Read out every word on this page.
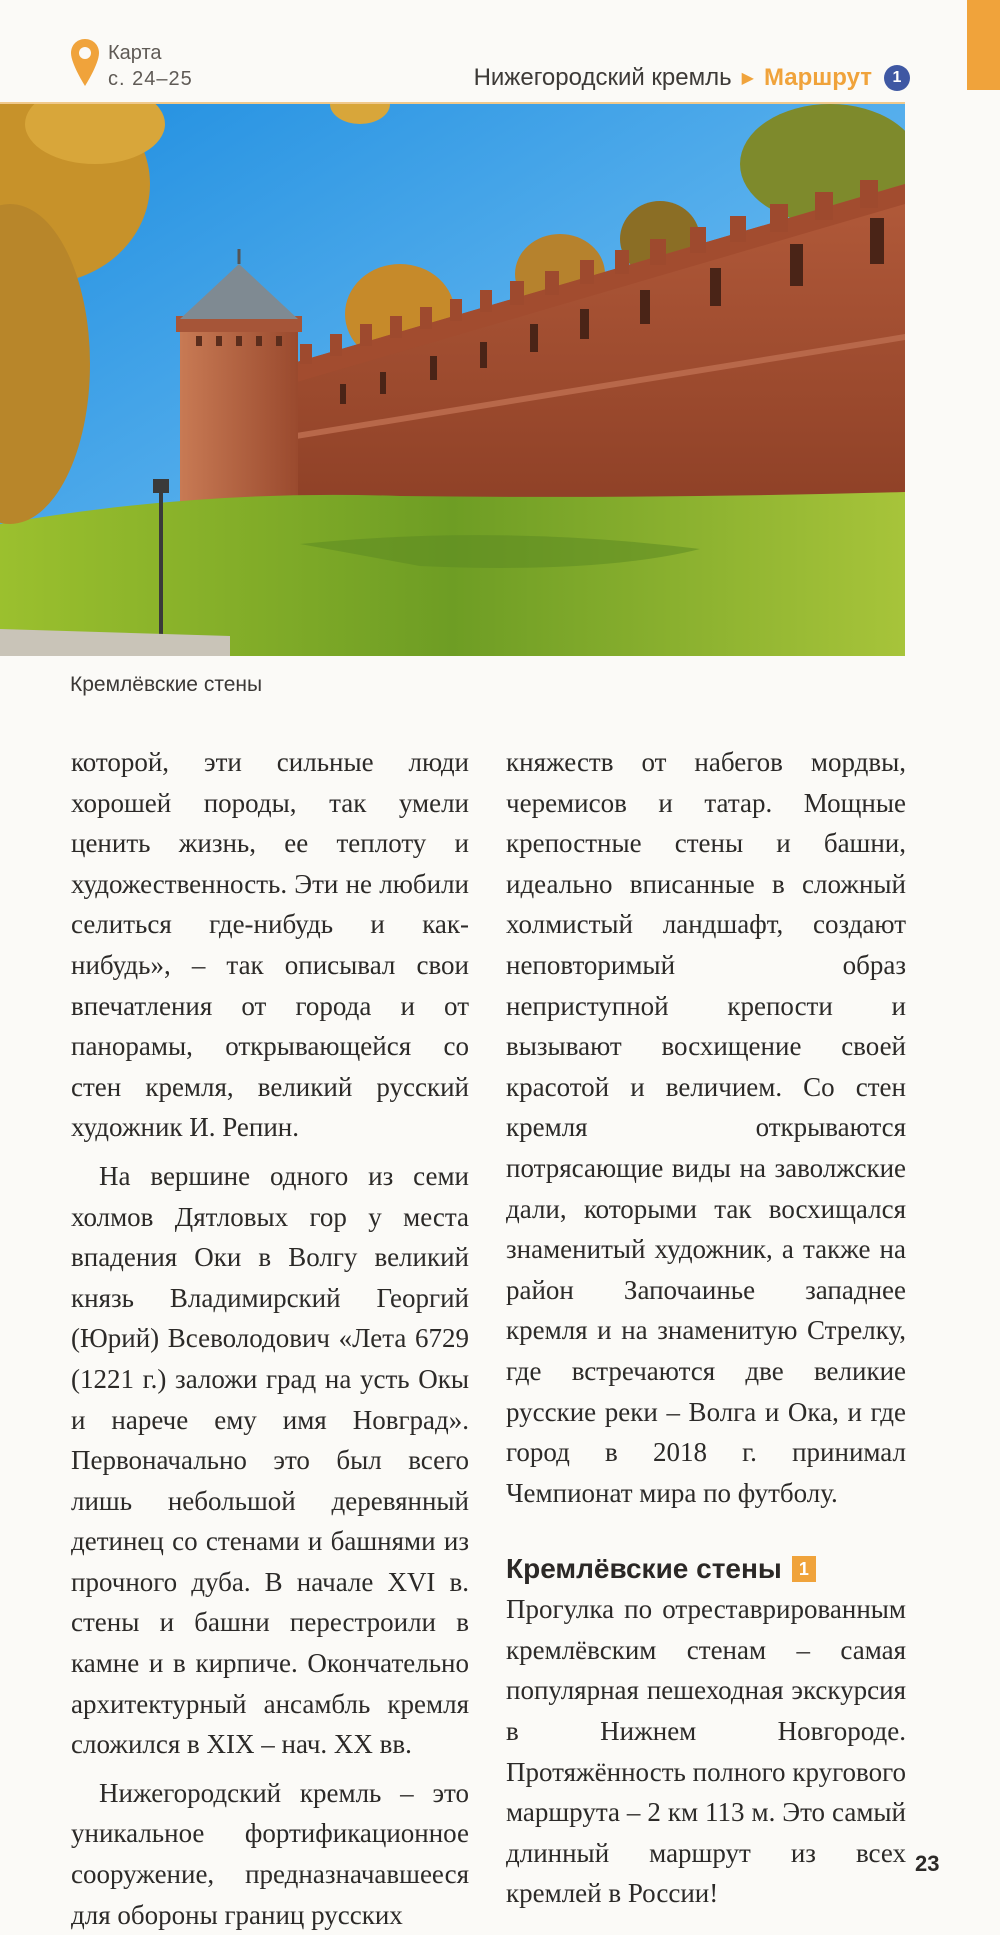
Карта
с. 24–25	Нижегородский кремль ▶ Маршрут	1
Кремлёвские стены

которой, эти сильные люди хорошей породы, так умели ценить жизнь, ее теплоту и художественность. Эти не любили селиться где-нибудь и как-нибудь», – так описывал свои впечатления от города и от панорамы, открывающейся со стен кремля, великий русский художник И. Репин.

На вершине одного из семи холмов Дятловых гор у места впадения Оки в Волгу великий князь Владимирский Георгий (Юрий) Всеволодович «Лета 6729 (1221 г.) заложи град на усть Окы и нарече ему имя Новград». Первоначально это был всего лишь небольшой деревянный детинец со стенами и башнями из прочного дуба. В начале XVI в. стены и башни перестроили в камне и в кирпиче. Окончательно архитектурный ансамбль кремля сложился в XIX – нач. XX вв.

Нижегородский кремль – это уникальное фортификационное сооружение, предназначавшееся для обороны границ русских

княжеств от набегов мордвы, черемисов и татар. Мощные крепостные стены и башни, идеально вписанные в сложный холмистый ландшафт, создают неповторимый образ неприступной крепости и вызывают восхищение своей красотой и величием. Со стен кремля открываются потрясающие виды на заволжские дали, которыми так восхищался знаменитый художник, а также на район Започаинье западнее кремля и на знаменитую Стрелку, где встречаются две великие русские реки – Волга и Ока, и где город в 2018 г. принимал Чемпионат мира по футболу.

Кремлёвские стены 1

Прогулка по отреставрированным кремлёвским стенам – самая популярная пешеходная экскурсия в Нижнем Новгороде. Протяжённость полного кругового маршрута – 2 км 113 м. Это самый длинный маршрут из всех кремлей в России!

23
